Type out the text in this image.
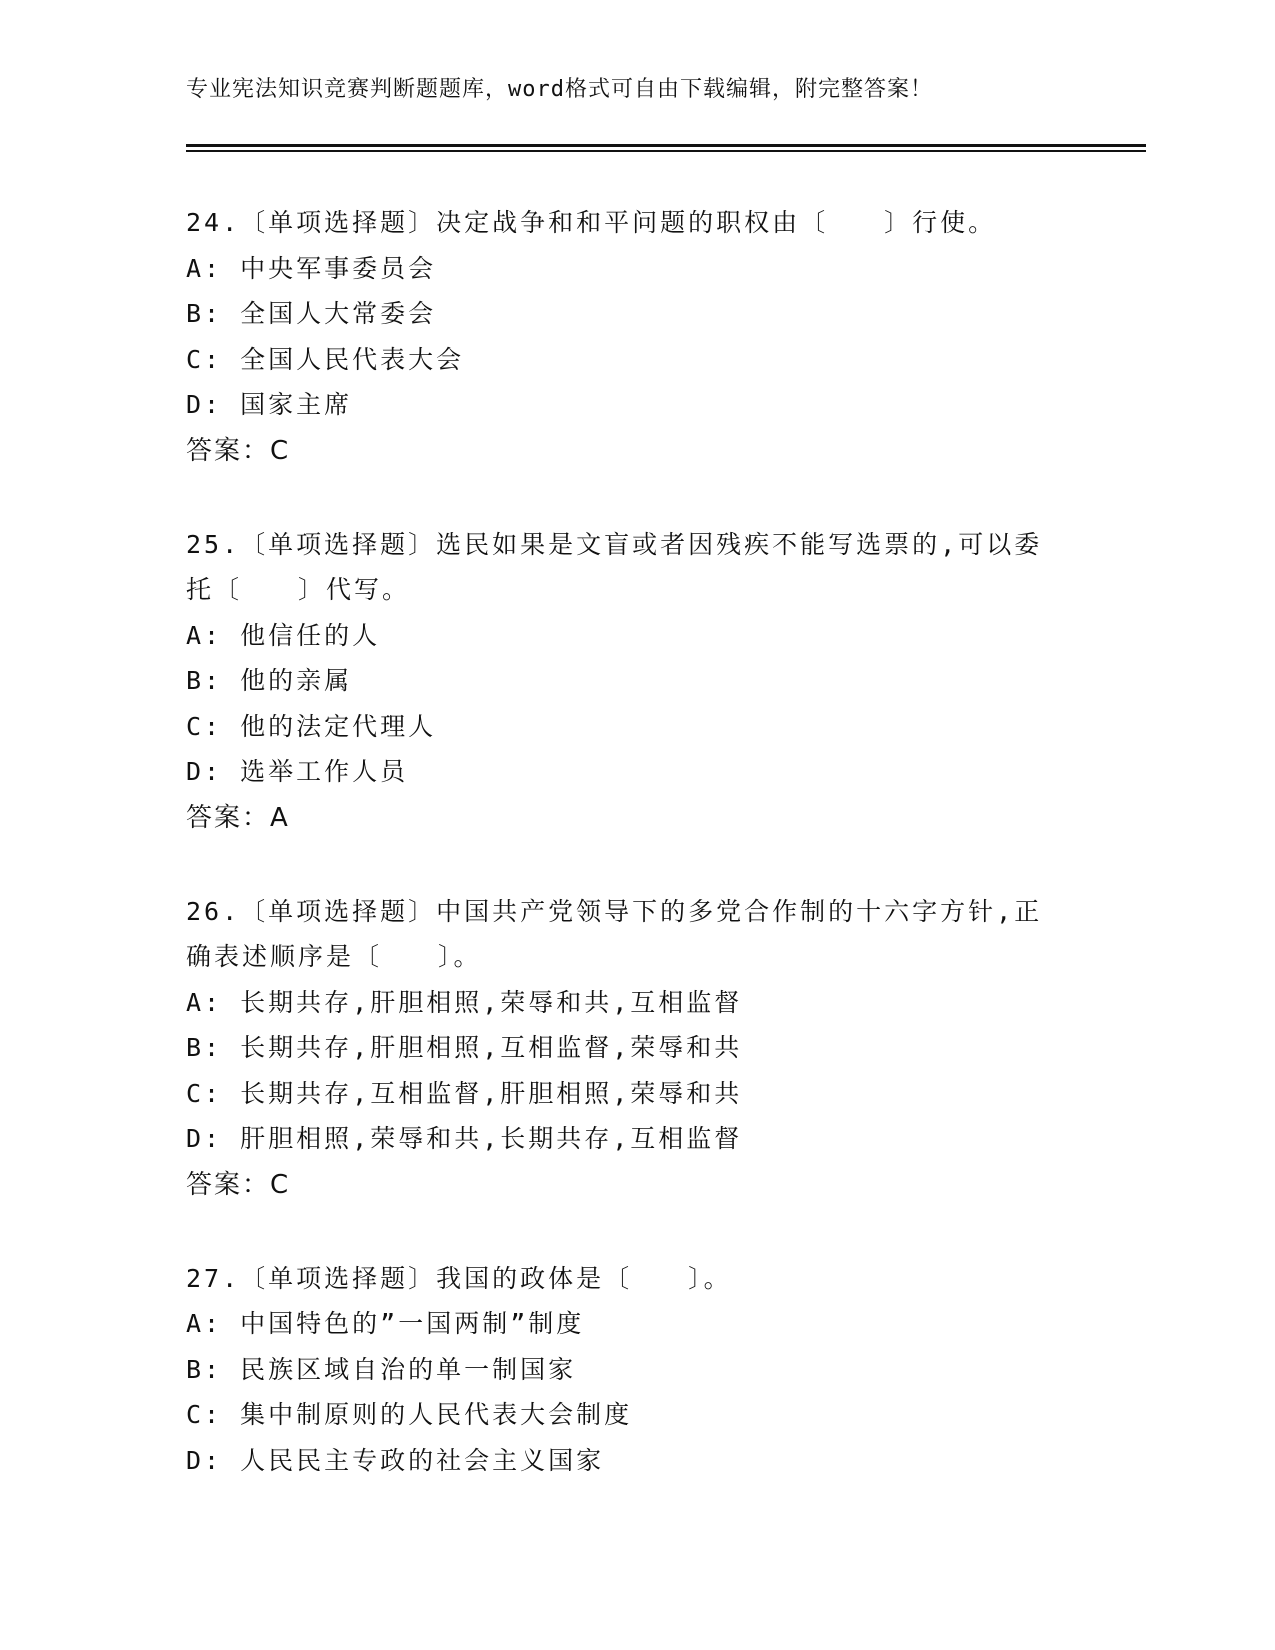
专业宪法知识竞赛判断题题库，word格式可自由下载编辑，附完整答案！
24.〔单项选择题〕决定战争和和平问题的职权由〔　　〕行使。
A: 中央军事委员会
B: 全国人大常委会
C: 全国人民代表大会
D: 国家主席
答案：C
25.〔单项选择题〕选民如果是文盲或者因残疾不能写选票的,可以委
托〔　　〕代写。
A: 他信任的人
B: 他的亲属
C: 他的法定代理人
D: 选举工作人员
答案：A
26.〔单项选择题〕中国共产党领导下的多党合作制的十六字方针,正
确表述顺序是〔　　〕。
A: 长期共存,肝胆相照,荣辱和共,互相监督
B: 长期共存,肝胆相照,互相监督,荣辱和共
C: 长期共存,互相监督,肝胆相照,荣辱和共
D: 肝胆相照,荣辱和共,长期共存,互相监督
答案：C
27.〔单项选择题〕我国的政体是〔　　〕。
A: 中国特色的”一国两制”制度
B: 民族区域自治的单一制国家
C: 集中制原则的人民代表大会制度
D: 人民民主专政的社会主义国家
